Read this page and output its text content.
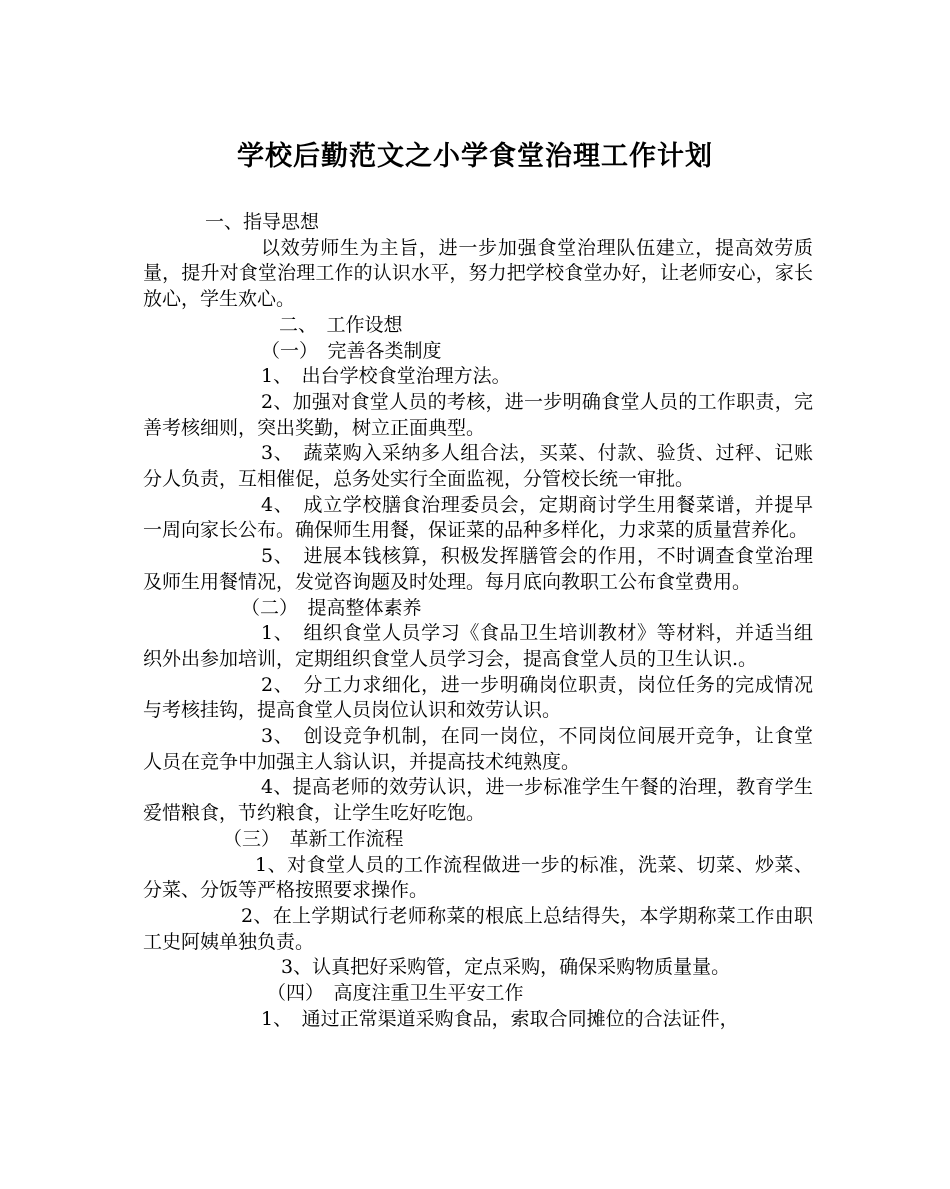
学校后勤范文之小学食堂治理工作计划

一、指导思想

以效劳师生为主旨，进一步加强食堂治理队伍建立，提高效劳质量，提升对食堂治理工作的认识水平，努力把学校食堂办好，让老师安心，家长放心，学生欢心。

二、　工作设想

（一）　完善各类制度

1、　出台学校食堂治理方法。

2、加强对食堂人员的考核，进一步明确食堂人员的工作职责，完善考核细则，突出奖勤，树立正面典型。

3、　蔬菜购入采纳多人组合法，买菜、付款、验货、过秤、记账分人负责，互相催促，总务处实行全面监视，分管校长统一审批。

4、　成立学校膳食治理委员会，定期商讨学生用餐菜谱，并提早一周向家长公布。确保师生用餐，保证菜的品种多样化，力求菜的质量营养化。

5、　进展本钱核算，积极发挥膳管会的作用，不时调查食堂治理及师生用餐情况，发觉咨询题及时处理。每月底向教职工公布食堂费用。

（二）　提高整体素养

1、　组织食堂人员学习《食品卫生培训教材》等材料，并适当组织外出参加培训，定期组织食堂人员学习会，提高食堂人员的卫生认识.。

2、　分工力求细化，进一步明确岗位职责，岗位任务的完成情况与考核挂钩，提高食堂人员岗位认识和效劳认识。

3、　创设竞争机制，在同一岗位，不同岗位间展开竞争，让食堂人员在竞争中加强主人翁认识，并提高技术纯熟度。

4、提高老师的效劳认识，进一步标准学生午餐的治理，教育学生爱惜粮食，节约粮食，让学生吃好吃饱。

（三）　革新工作流程

1、对食堂人员的工作流程做进一步的标准，洗菜、切菜、炒菜、分菜、分饭等严格按照要求操作。

2、在上学期试行老师称菜的根底上总结得失，本学期称菜工作由职工史阿姨单独负责。

3、认真把好采购管，定点采购，确保采购物质量量。

（四）　高度注重卫生平安工作

1、　通过正常渠道采购食品，索取合同摊位的合法证件，
